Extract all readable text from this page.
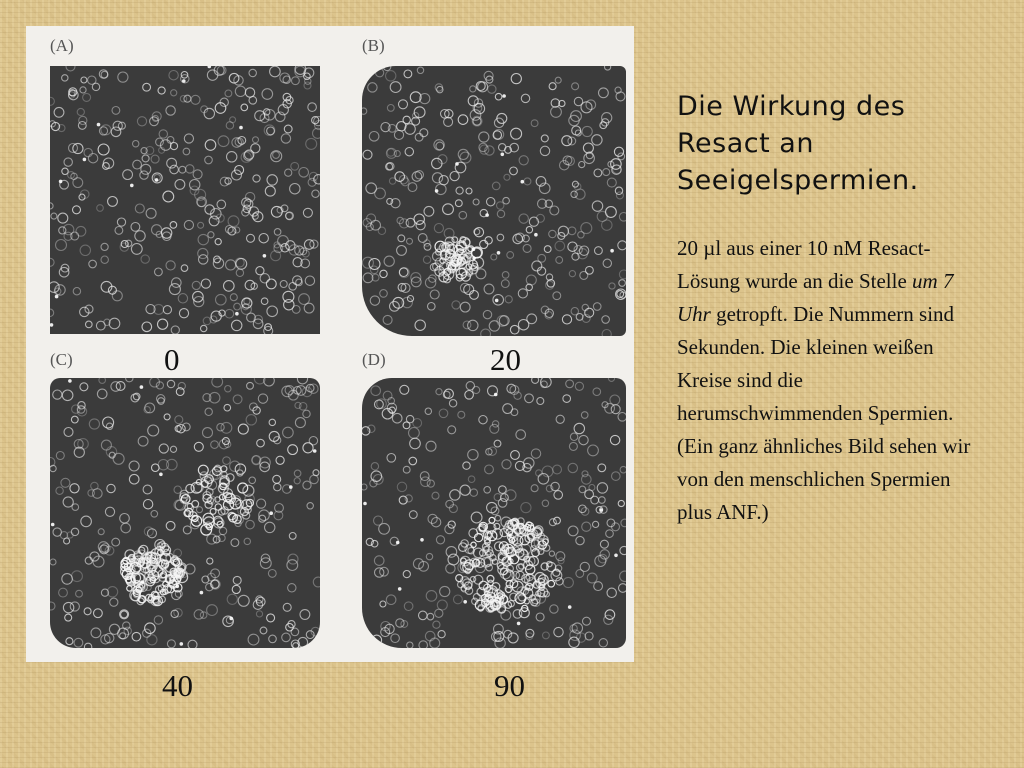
(A)	(B)
(C)	(D)
0	20
40	90
Die Wirkung des Resact an Seeigelspermien.
20 µl aus einer 10 nM Resact-Lösung wurde an die Stelle um 7 Uhr getropft. Die Nummern sind Sekunden. Die kleinen weißen Kreise sind die herumschwimmenden Spermien. (Ein ganz ähnliches Bild sehen wir von den menschlichen Spermien plus ANF.)
